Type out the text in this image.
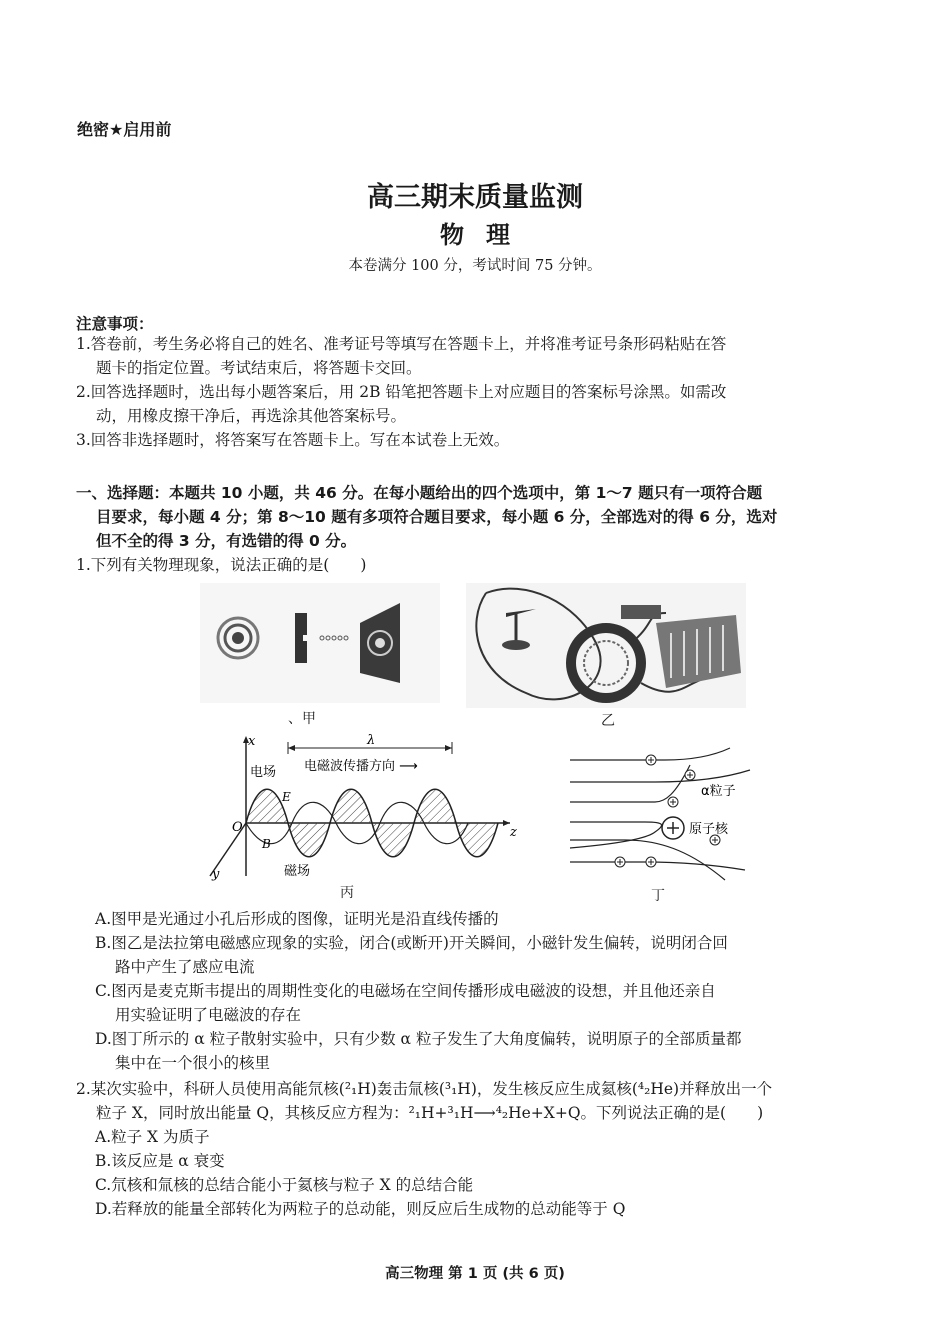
绝密★启用前
高三期末质量监测
物理
本卷满分 100 分，考试时间 75 分钟。
注意事项：
1.答卷前，考生务必将自己的姓名、准考证号等填写在答题卡上，并将准考证号条形码粘贴在答
题卡的指定位置。考试结束后，将答题卡交回。
2.回答选择题时，选出每小题答案后，用 2B 铅笔把答题卡上对应题目的答案标号涂黑。如需改
动，用橡皮擦干净后，再选涂其他答案标号。
3.回答非选择题时，将答案写在答题卡上。写在本试卷上无效。
一、选择题：本题共 10 小题，共 46 分。在每小题给出的四个选项中，第 1～7 题只有一项符合题
目要求，每小题 4 分；第 8～10 题有多项符合题目要求，每小题 6 分，全部选对的得 6 分，选对
但不全的得 3 分，有选错的得 0 分。
1.下列有关物理现象，说法正确的是(　　)
、甲	乙
λ
电磁波传播方向 ⟶
x
y
z
O
电场
E
B
磁场
丙
α粒子
原子核
丁
A.图甲是光通过小孔后形成的图像，证明光是沿直线传播的
B.图乙是法拉第电磁感应现象的实验，闭合(或断开)开关瞬间，小磁针发生偏转，说明闭合回
路中产生了感应电流
C.图丙是麦克斯韦提出的周期性变化的电磁场在空间传播形成电磁波的设想，并且他还亲自
用实验证明了电磁波的存在
D.图丁所示的 α 粒子散射实验中，只有少数 α 粒子发生了大角度偏转，说明原子的全部质量都
集中在一个很小的核里
2.某次实验中，科研人员使用高能氘核(²₁H)轰击氚核(³₁H)，发生核反应生成氦核(⁴₂He)并释放出一个
粒子 X，同时放出能量 Q，其核反应方程为：²₁H+³₁H⟶⁴₂He+X+Q。下列说法正确的是(　　)
A.粒子 X 为质子
B.该反应是 α 衰变
C.氘核和氚核的总结合能小于氦核与粒子 X 的总结合能
D.若释放的能量全部转化为两粒子的总动能，则反应后生成物的总动能等于 Q
高三物理 第 1 页 (共 6 页)
